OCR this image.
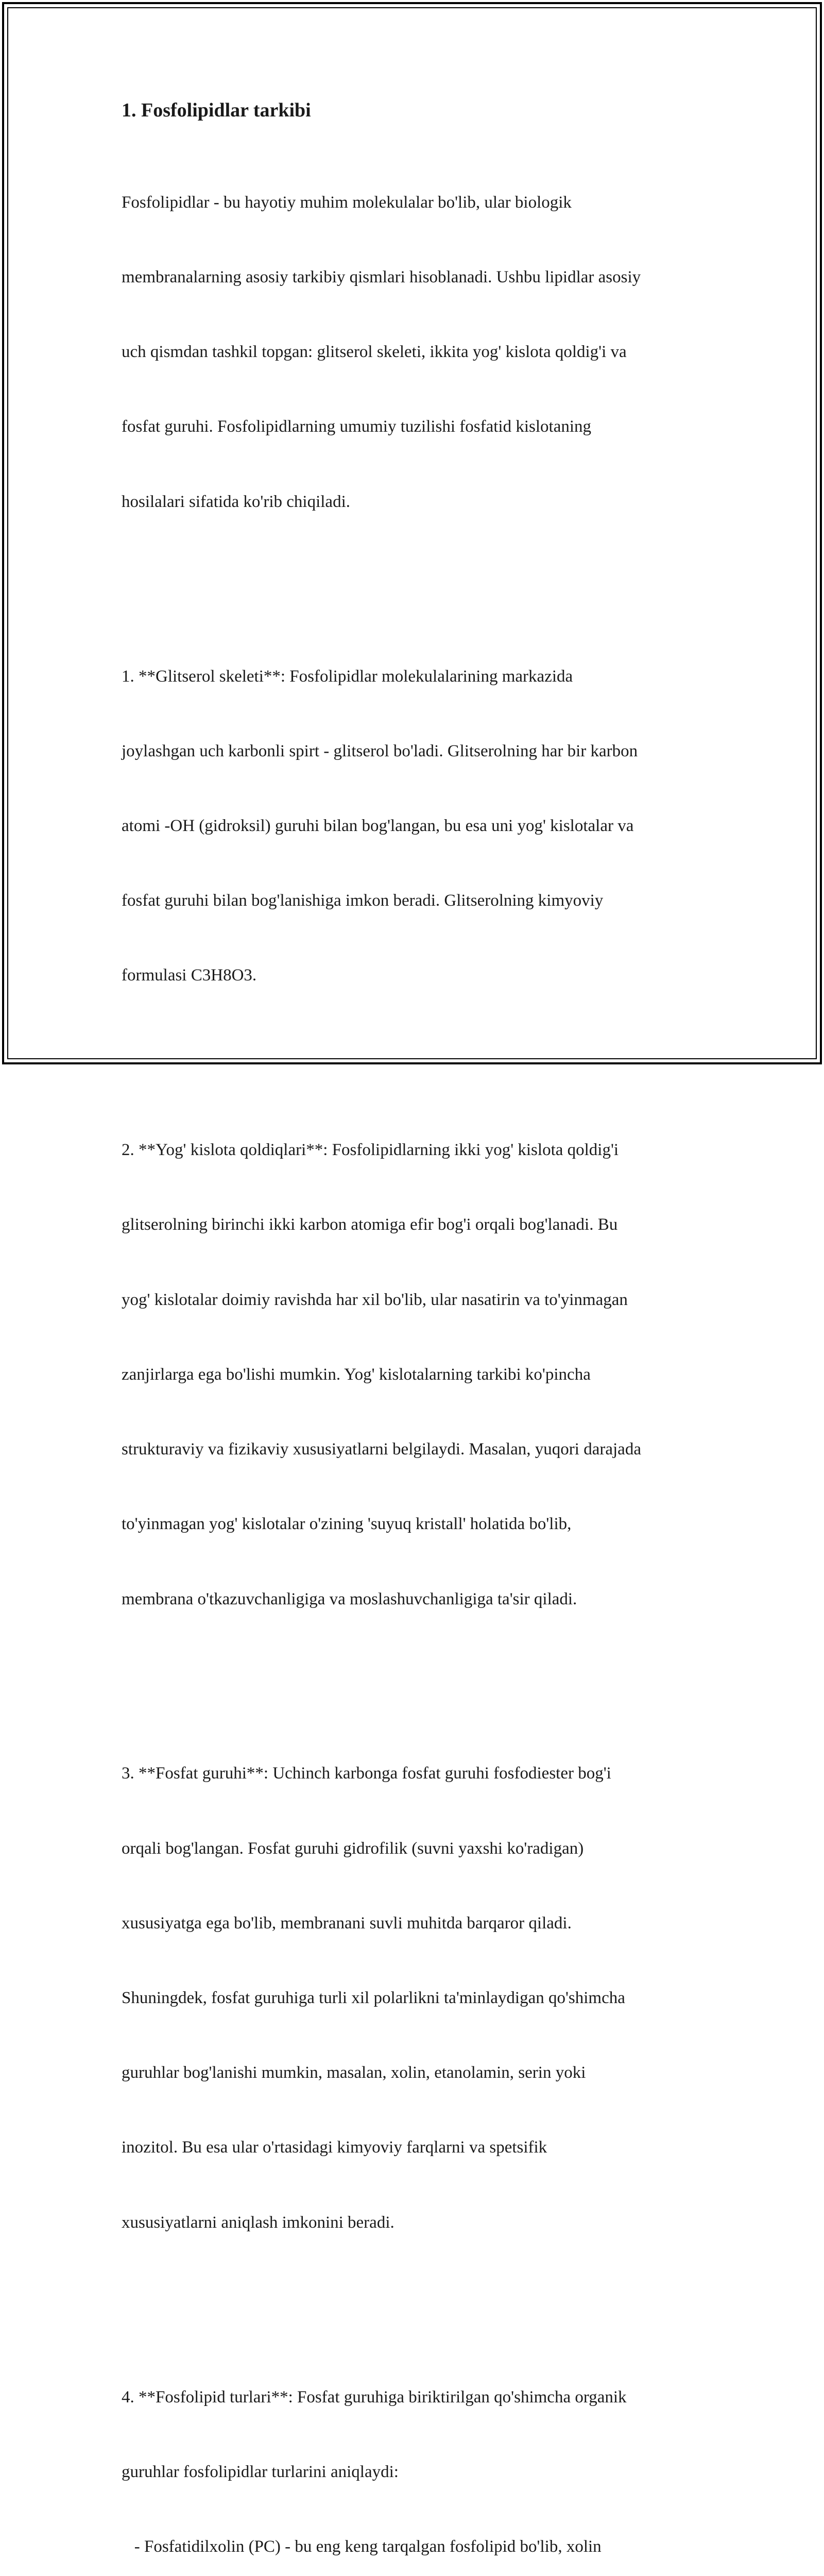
1. Fosfolipidlar tarkibi

Fosfolipidlar - bu hayotiy muhim molekulalar bo'lib, ular biologik

membranalarning asosiy tarkibiy qismlari hisoblanadi. Ushbu lipidlar asosiy

uch qismdan tashkil topgan: glitserol skeleti, ikkita yog' kislota qoldig'i va

fosfat guruhi. Fosfolipidlarning umumiy tuzilishi fosfatid kislotaning

hosilalari sifatida ko'rib chiqiladi.

1. **Glitserol skeleti**: Fosfolipidlar molekulalarining markazida

joylashgan uch karbonli spirt - glitserol bo'ladi. Glitserolning har bir karbon

atomi -OH (gidroksil) guruhi bilan bog'langan, bu esa uni yog' kislotalar va

fosfat guruhi bilan bog'lanishiga imkon beradi. Glitserolning kimyoviy

formulasi C3H8O3.

2. **Yog' kislota qoldiqlari**: Fosfolipidlarning ikki yog' kislota qoldig'i

glitserolning birinchi ikki karbon atomiga efir bog'i orqali bog'lanadi. Bu

yog' kislotalar doimiy ravishda har xil bo'lib, ular nasatirin va to'yinmagan

zanjirlarga ega bo'lishi mumkin. Yog' kislotalarning tarkibi ko'pincha

strukturaviy va fizikaviy xususiyatlarni belgilaydi. Masalan, yuqori darajada

to'yinmagan yog' kislotalar o'zining 'suyuq kristall' holatida bo'lib,

membrana o'tkazuvchanligiga va moslashuvchanligiga ta'sir qiladi.

3. **Fosfat guruhi**: Uchinch karbonga fosfat guruhi fosfodiester bog'i

orqali bog'langan. Fosfat guruhi gidrofilik (suvni yaxshi ko'radigan)

xususiyatga ega bo'lib, membranani suvli muhitda barqaror qiladi.

Shuningdek, fosfat guruhiga turli xil polarlikni ta'minlaydigan qo'shimcha

guruhlar bog'lanishi mumkin, masalan, xolin, etanolamin, serin yoki

inozitol. Bu esa ular o'rtasidagi kimyoviy farqlarni va spetsifik

xususiyatlarni aniqlash imkonini beradi.

4. **Fosfolipid turlari**: Fosfat guruhiga biriktirilgan qo'shimcha organik

guruhlar fosfolipidlar turlarini aniqlaydi:

- Fosfatidilxolin (PC) - bu eng keng tarqalgan fosfolipid bo'lib, xolin
